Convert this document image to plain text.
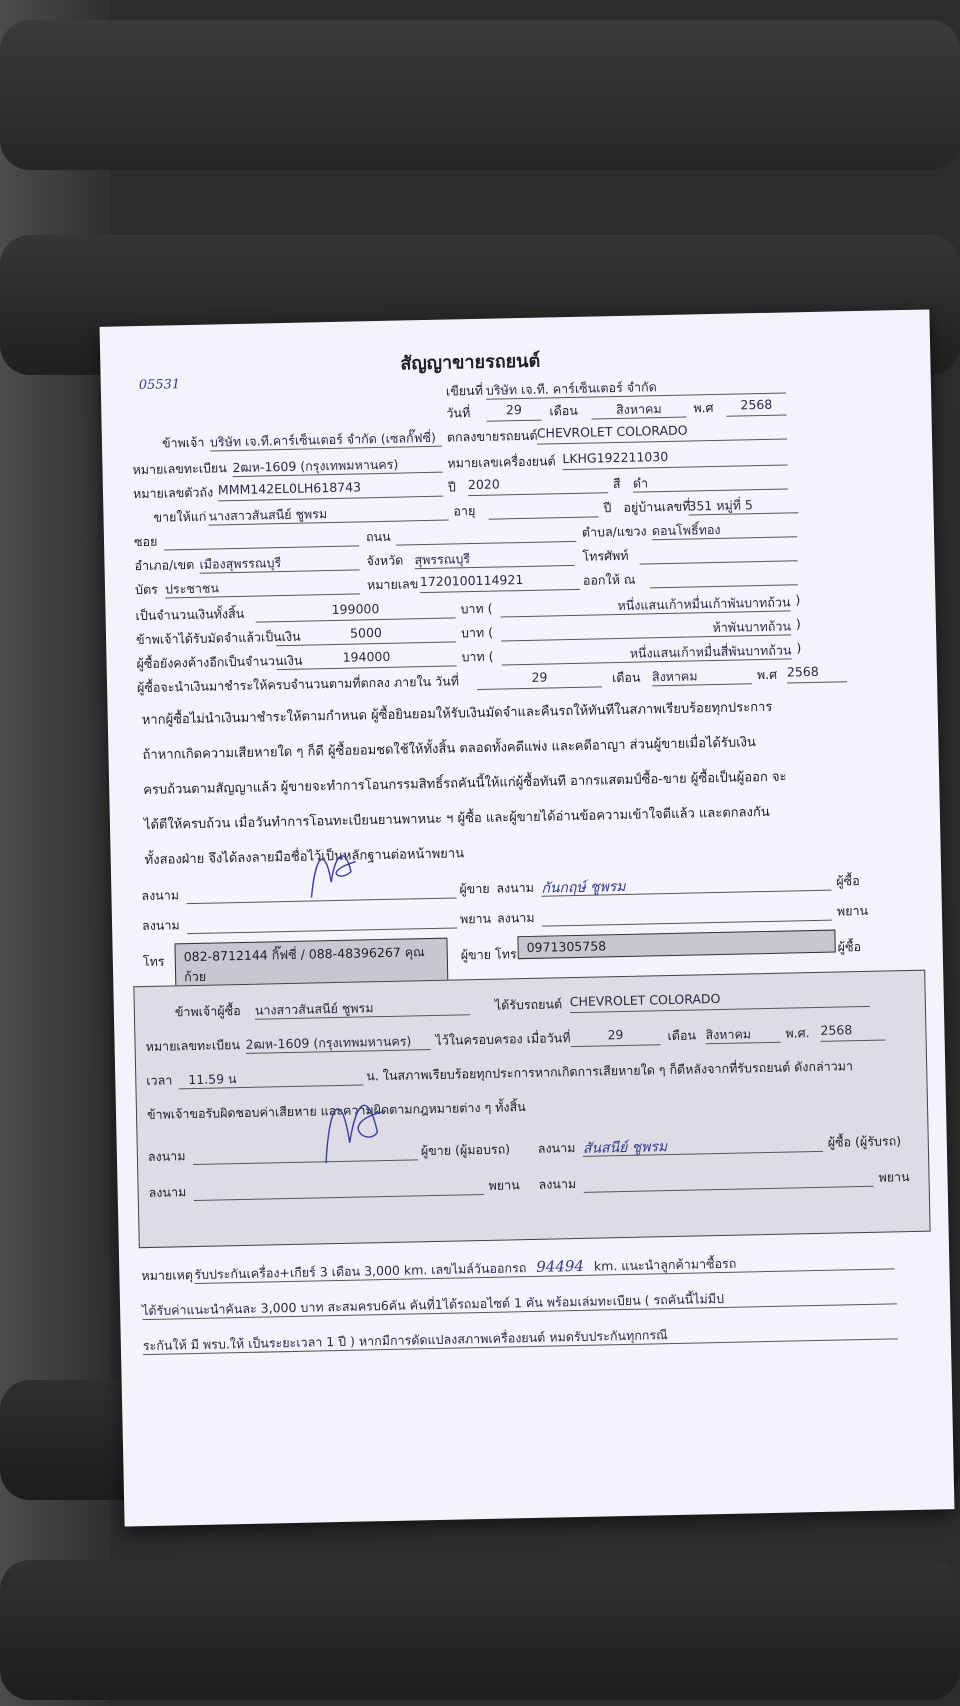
05531
สัญญาขายรถยนต์
เขียนที่ บริษัท เจ.ที. คาร์เซ็นเตอร์ จำกัด
วันที่	29	เดือน	สิงหาคม	พ.ศ	2568
ข้าพเจ้า บริษัท เจ.ที.คาร์เซ็นเตอร์ จำกัด (เซลกั๊ฟซี่) ตกลงขายรถยนต์ CHEVROLET COLORADO
หมายเลขทะเบียน 2ฒห-1609 (กรุงเทพมหานคร)	หมายเลขเครื่องยนต์ LKHG192211030
หมายเลขตัวถัง MMM142EL0LH618743	ปี 2020	สี ดำ
ขายให้แก่ นางสาวสันสนีย์ ชูพรม	อายุ	ปี อยู่บ้านเลขที่
351 หมู่ที่ 5
ซอย	ถนน	ตำบล/แขวง ดอนโพธิ์ทอง
อำเภอ/เขต เมืองสุพรรณบุรี	จังหวัด สุพรรณบุรี	โทรศัพท์
บัตร ประชาชน	หมายเลข 1720100114921	ออกให้ ณ
เป็นจำนวนเงินทั้งสิ้น	199000	บาท (	หนึ่งแสนเก้าหมื่นเก้าพันบาทถ้วน )
ข้าพเจ้าได้รับมัดจำแล้วเป็นเงิน	5000	บาท (	ห้าพันบาทถ้วน )
ผู้ซื้อยังคงค้างอีกเป็นจำนวนเงิน	194000	บาท (	หนึ่งแสนเก้าหมื่นสี่พันบาทถ้วน )
ผู้ซื้อจะนำเงินมาชำระให้ครบจำนวนตามที่ตกลง ภายใน วันที่	29	เดือน สิงหาคม	พ.ศ 2568
หากผู้ซื้อไม่นำเงินมาชำระให้ตามกำหนด ผู้ซื้อยินยอมให้รับเงินมัดจำและคืนรถให้ทันทีในสภาพเรียบร้อยทุกประการ
ถ้าหากเกิดความเสียหายใด ๆ ก็ดี ผู้ซื้อยอมชดใช้ให้ทั้งสิ้น ตลอดทั้งคดีแพ่ง และคดีอาญา ส่วนผู้ขายเมื่อได้รับเงิน
ครบถ้วนตามสัญญาแล้ว ผู้ขายจะทำการโอนกรรมสิทธิ์รถคันนี้ให้แก่ผู้ซื้อทันที อากรแสตมป์ซื้อ-ขาย ผู้ซื้อเป็นผู้ออก จะ
ได้ตีให้ครบถ้วน เมื่อวันทำการโอนทะเบียนยานพาหนะ ฯ ผู้ซื้อ และผู้ขายได้อ่านข้อความเข้าใจดีแล้ว และตกลงกัน
ทั้งสองฝ่าย จึงได้ลงลายมือชื่อไว้เป็นหลักฐานต่อหน้าพยาน
ลงนาม	ผู้ขาย ลงนาม กันกฤษ์ ชูพรม	ผู้ซื้อ
ลงนาม	พยาน ลงนาม	พยาน
โทร	082-8712144 กิ๊ฟซี่ / 088-48396267 คุณก้วย
ผู้ขาย โทร 0971305758	ผู้ซื้อ
ข้าพเจ้าผู้ซื้อ นางสาวสันสนีย์ ชูพรม	ได้รับรถยนต์ CHEVROLET COLORADO
หมายเลขทะเบียน 2ฒห-1609 (กรุงเทพมหานคร)	ไว้ในครอบครอง เมื่อวันที่	29	เดือน สิงหาคม	พ.ศ. 2568
เวลา	11.59 น	น. ในสภาพเรียบร้อยทุกประการหากเกิดการเสียหายใด ๆ ก็ดีหลังจากที่รับรถยนต์ ดังกล่าวมา
ข้าพเจ้าขอรับผิดชอบค่าเสียหาย และความผิดตามกฎหมายต่าง ๆ ทั้งสิ้น
ลงนาม	ผู้ขาย (ผู้มอบรถ) ลงนาม สันสนีย์ ชูพรม	ผู้ซื้อ (ผู้รับรถ)
ลงนาม	พยาน ลงนาม	พยาน
หมายเหตุ รับประกันเครื่อง+เกียร์ 3 เดือน 3,000 km. เลขไมล์วันออกรถ 94494 km. แนะนำลูกค้ามาซื้อรถ
ได้รับค่าแนะนำคันละ 3,000 บาท สะสมครบ6คัน คันที่1ได้รถมอไซต์ 1 คัน พร้อมเล่มทะเบียน ( รถคันนี้ไม่มีป
ระกันให้ มี พรบ.ให้ เป็นระยะเวลา 1 ปี ) หากมีการดัดแปลงสภาพเครื่องยนต์ หมดรับประกันทุกกรณี
